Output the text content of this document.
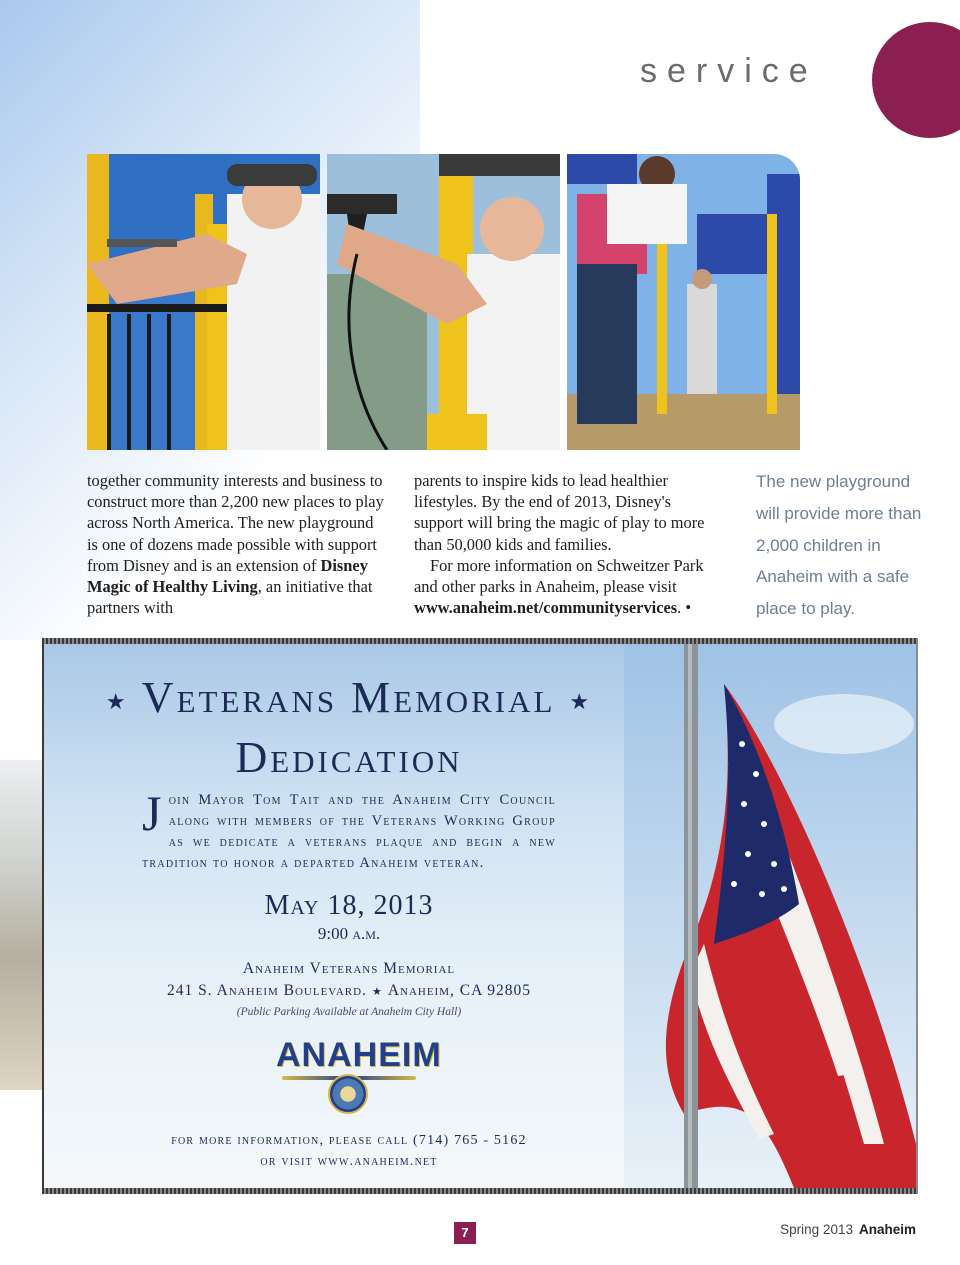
service

together community interests and business to construct more than 2,200 new places to play across North America. The new playground is one of dozens made possible with support from Disney and is an extension of Disney Magic of Healthy Living, an initiative that partners with

parents to inspire kids to lead healthier lifestyles. By the end of 2013, Disney's support will bring the magic of play to more than 50,000 kids and families.

For more information on Schweitzer Park and other parks in Anaheim, please visit www.anaheim.net/communityservices. •

The new playground will provide more than 2,000 children in Anaheim with a safe place to play.
★ Veterans Memorial ★
Dedication
Join Mayor Tom Tait and the Anaheim City Council along with members of the Veterans Working Group as we dedicate a veterans plaque and begin a new tradition to honor a departed Anaheim veteran.
May 18, 2013
9:00 a.m.
Anaheim Veterans Memorial
241 S. Anaheim Boulevard. ★ Anaheim, CA 92805
(Public Parking Available at Anaheim City Hall)
ANAHEIM
for more information, please call (714) 765 - 5162
or visit www.anaheim.net
7	Spring 2013 Anaheim
